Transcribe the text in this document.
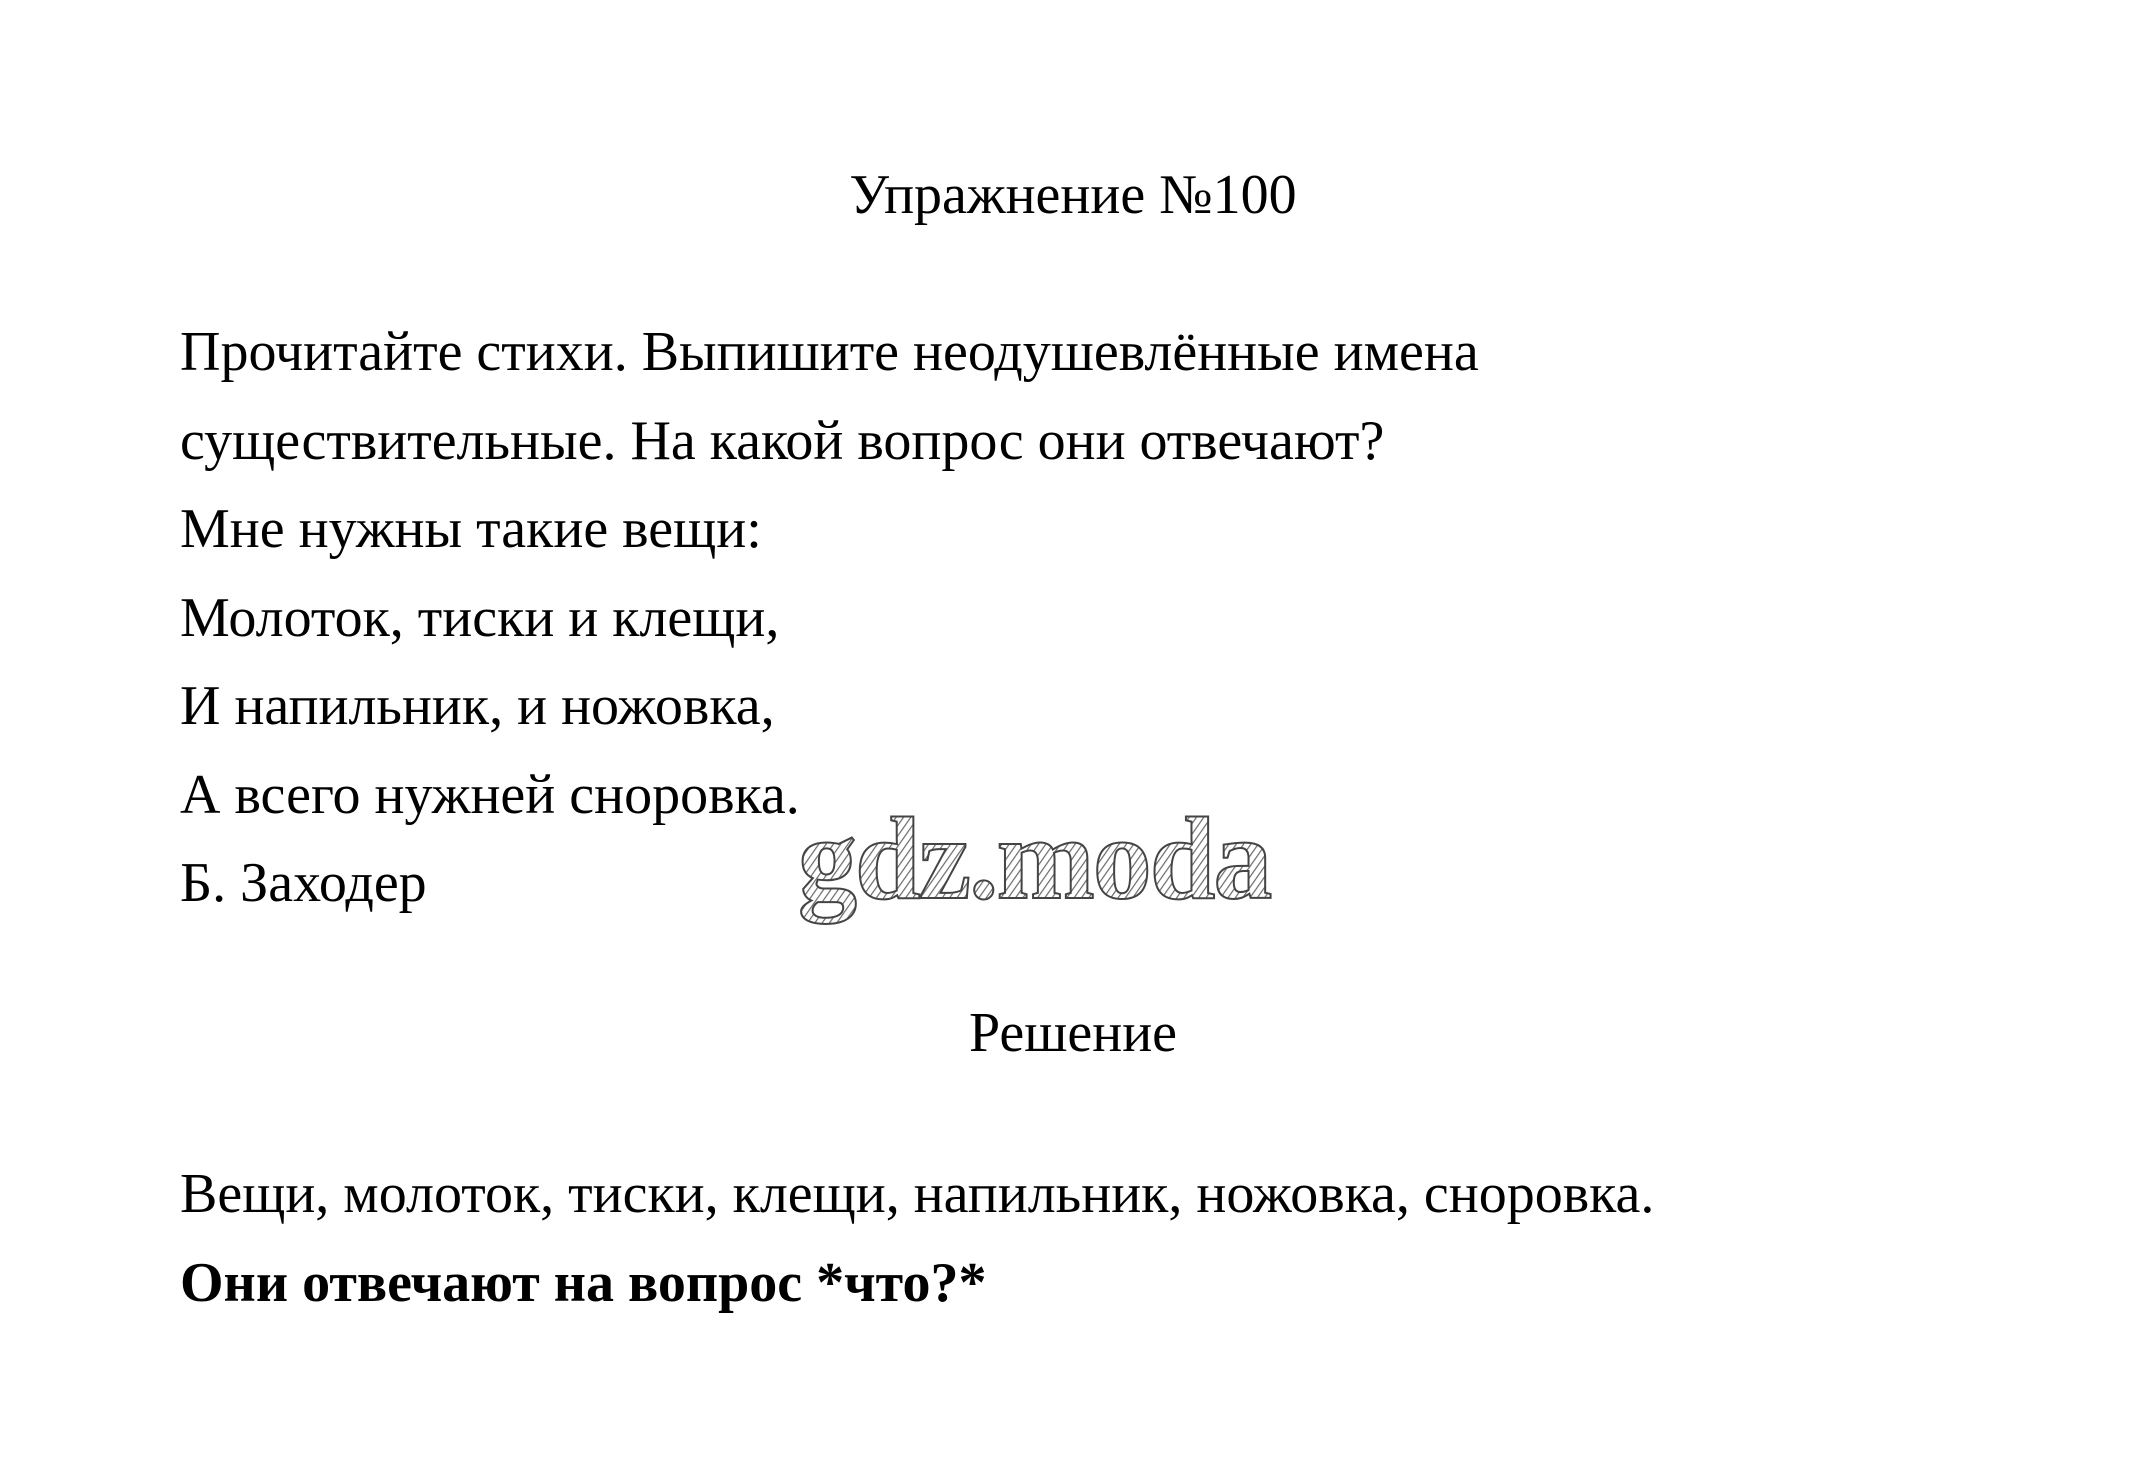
Упражнение №100
Прочитайте стихи. Выпишите неодушевлённые имена
существительные. На какой вопрос они отвечают?
Мне нужны такие вещи:
Молоток, тиски и клещи,
И напильник, и ножовка,
А всего нужней сноровка.
Б. Заходер	gdz.moda
Решение
Вещи, молоток, тиски, клещи, напильник, ножовка, сноровка.
Они отвечают на вопрос *что?*
